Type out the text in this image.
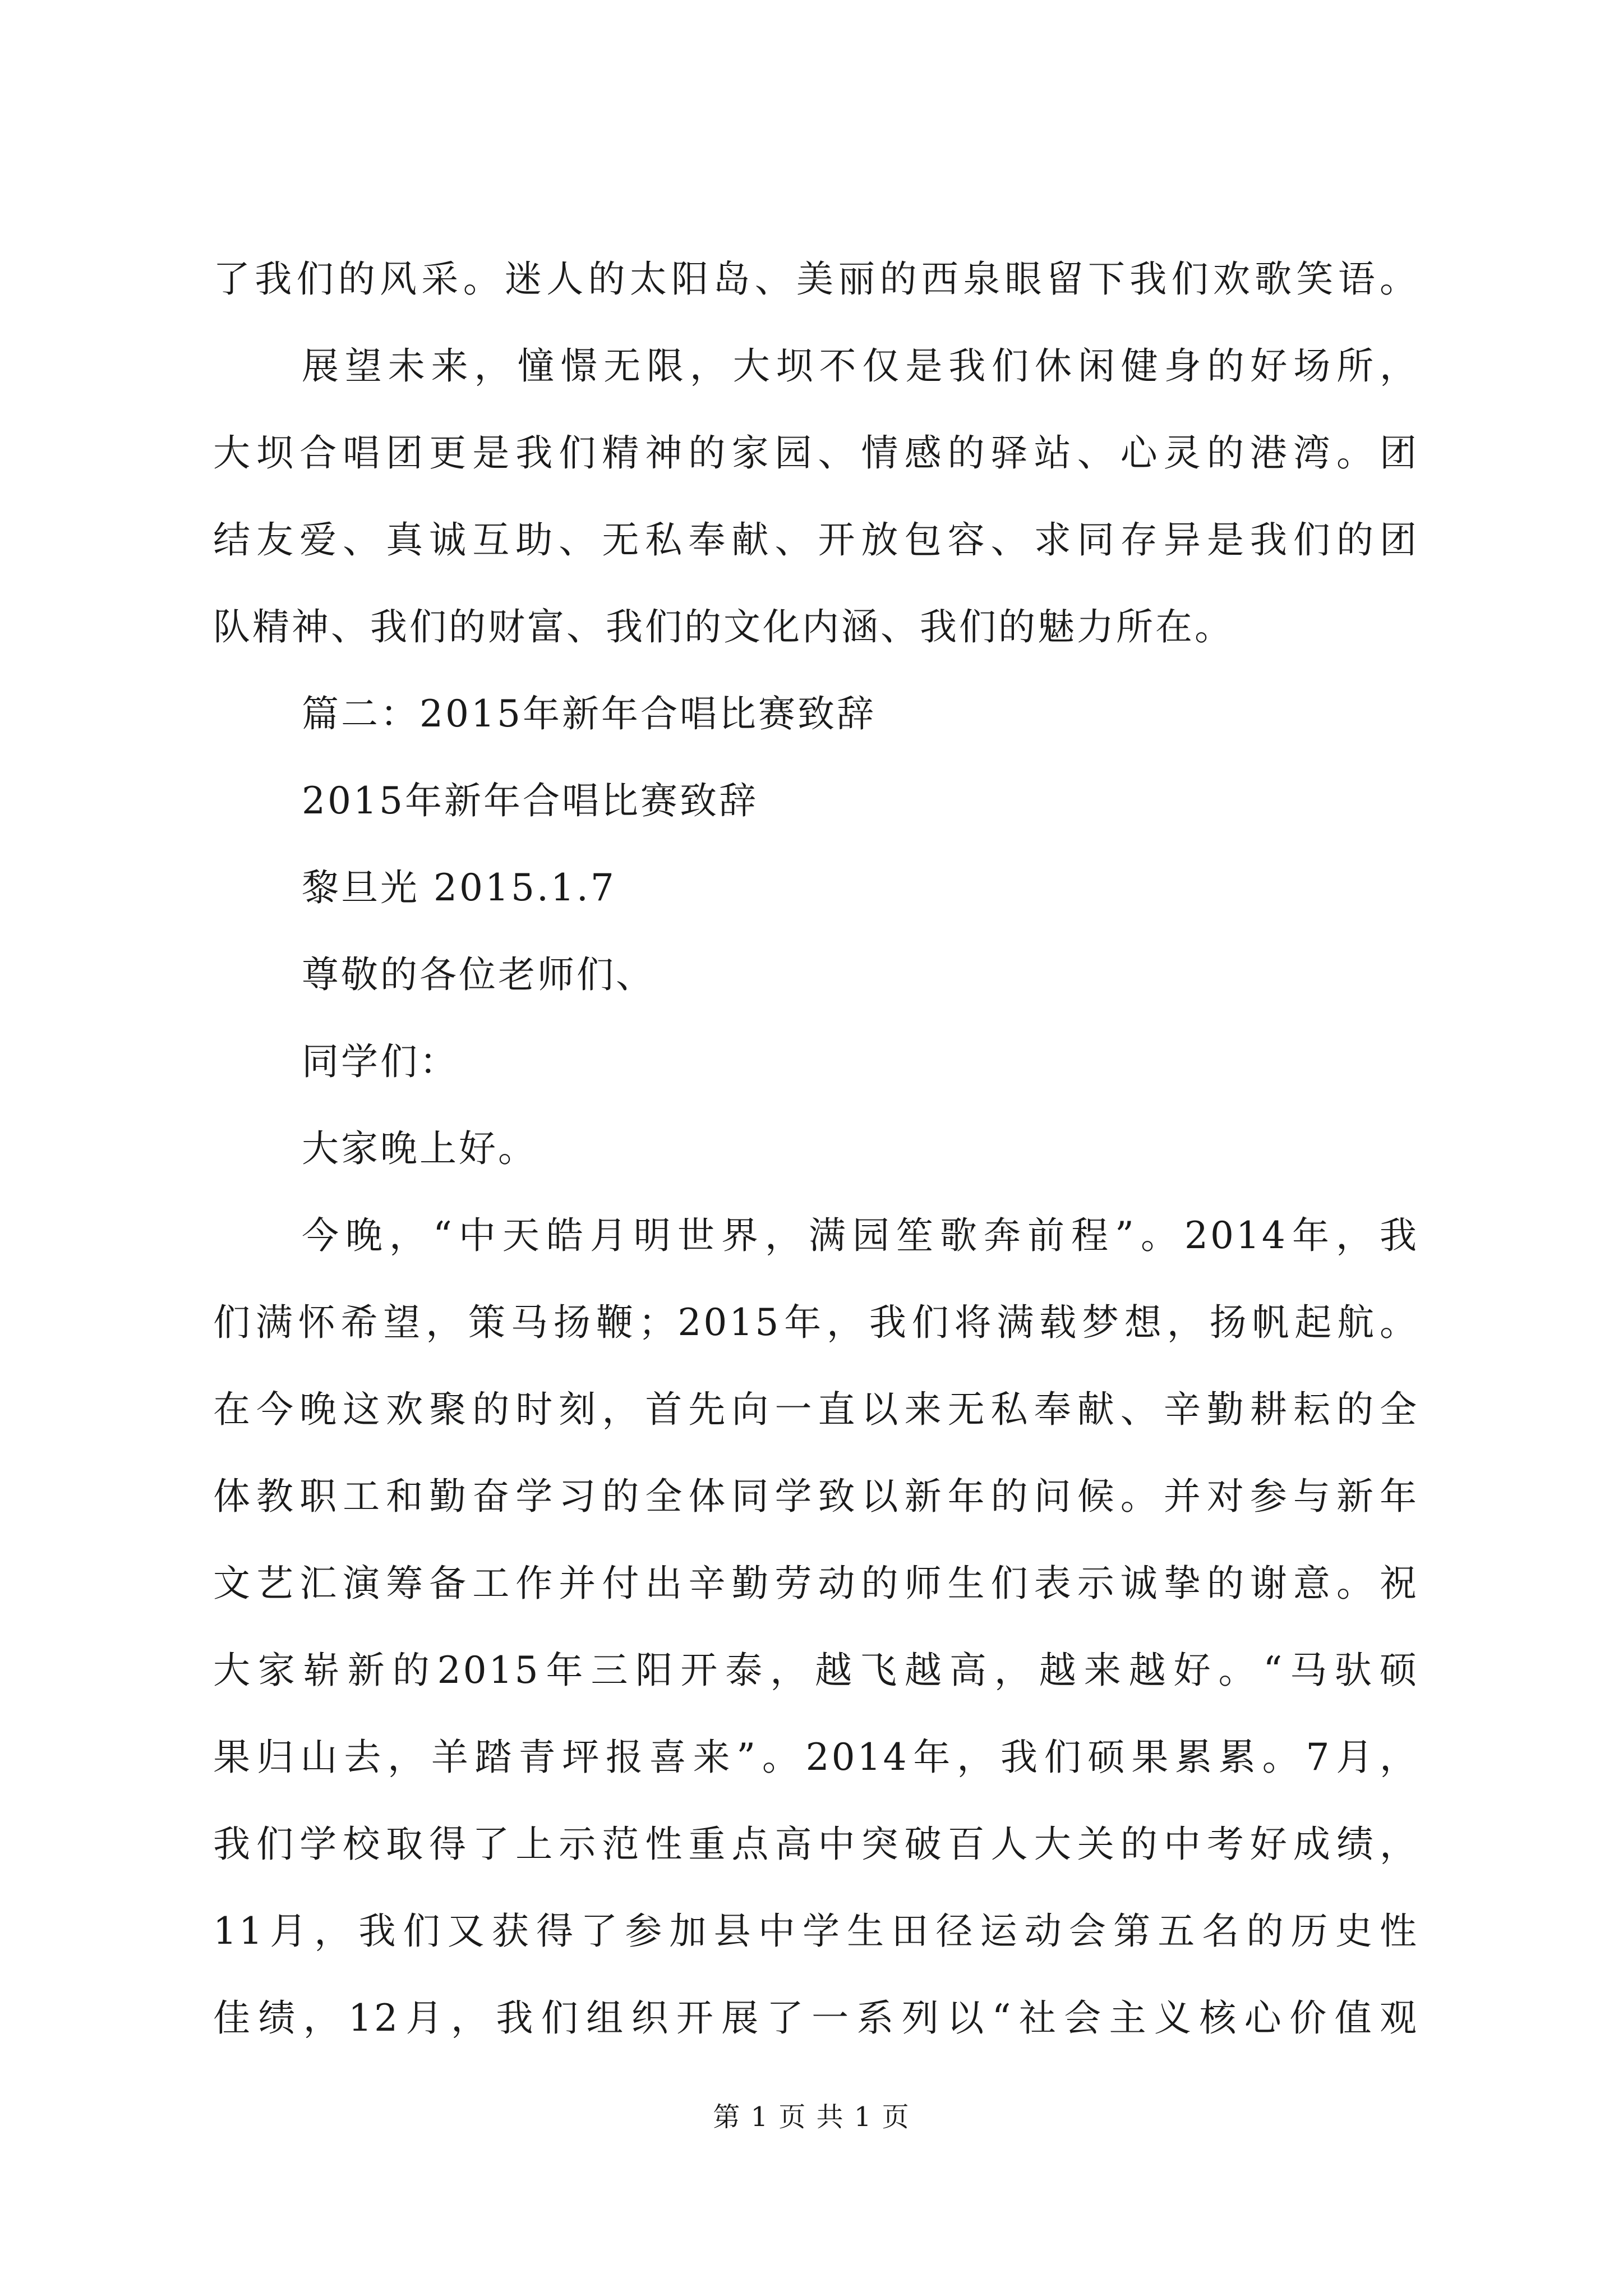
了我们的风采。迷人的太阳岛、美丽的西泉眼留下我们欢歌笑语。

展望未来，憧憬无限，大坝不仅是我们休闲健身的好场所，

大坝合唱团更是我们精神的家园、情感的驿站、心灵的港湾。团

结友爱、真诚互助、无私奉献、开放包容、求同存异是我们的团

队精神、我们的财富、我们的文化内涵、我们的魅力所在。

篇二：2015年新年合唱比赛致辞

2015年新年合唱比赛致辞

黎旦光 2015.1.7

尊敬的各位老师们、

同学们：

大家晚上好。

今晚，“中天皓月明世界，满园笙歌奔前程”。2014年，我

们满怀希望，策马扬鞭；2015年，我们将满载梦想，扬帆起航。

在今晚这欢聚的时刻，首先向一直以来无私奉献、辛勤耕耘的全

体教职工和勤奋学习的全体同学致以新年的问候。并对参与新年

文艺汇演筹备工作并付出辛勤劳动的师生们表示诚挚的谢意。祝

大家崭新的2015年三阳开泰，越飞越高，越来越好。“马驮硕

果归山去，羊踏青坪报喜来”。2014年，我们硕果累累。7月，

我们学校取得了上示范性重点高中突破百人大关的中考好成绩，

11月，我们又获得了参加县中学生田径运动会第五名的历史性

佳绩，12月，我们组织开展了一系列以“社会主义核心价值观

第 1 页 共 1 页
